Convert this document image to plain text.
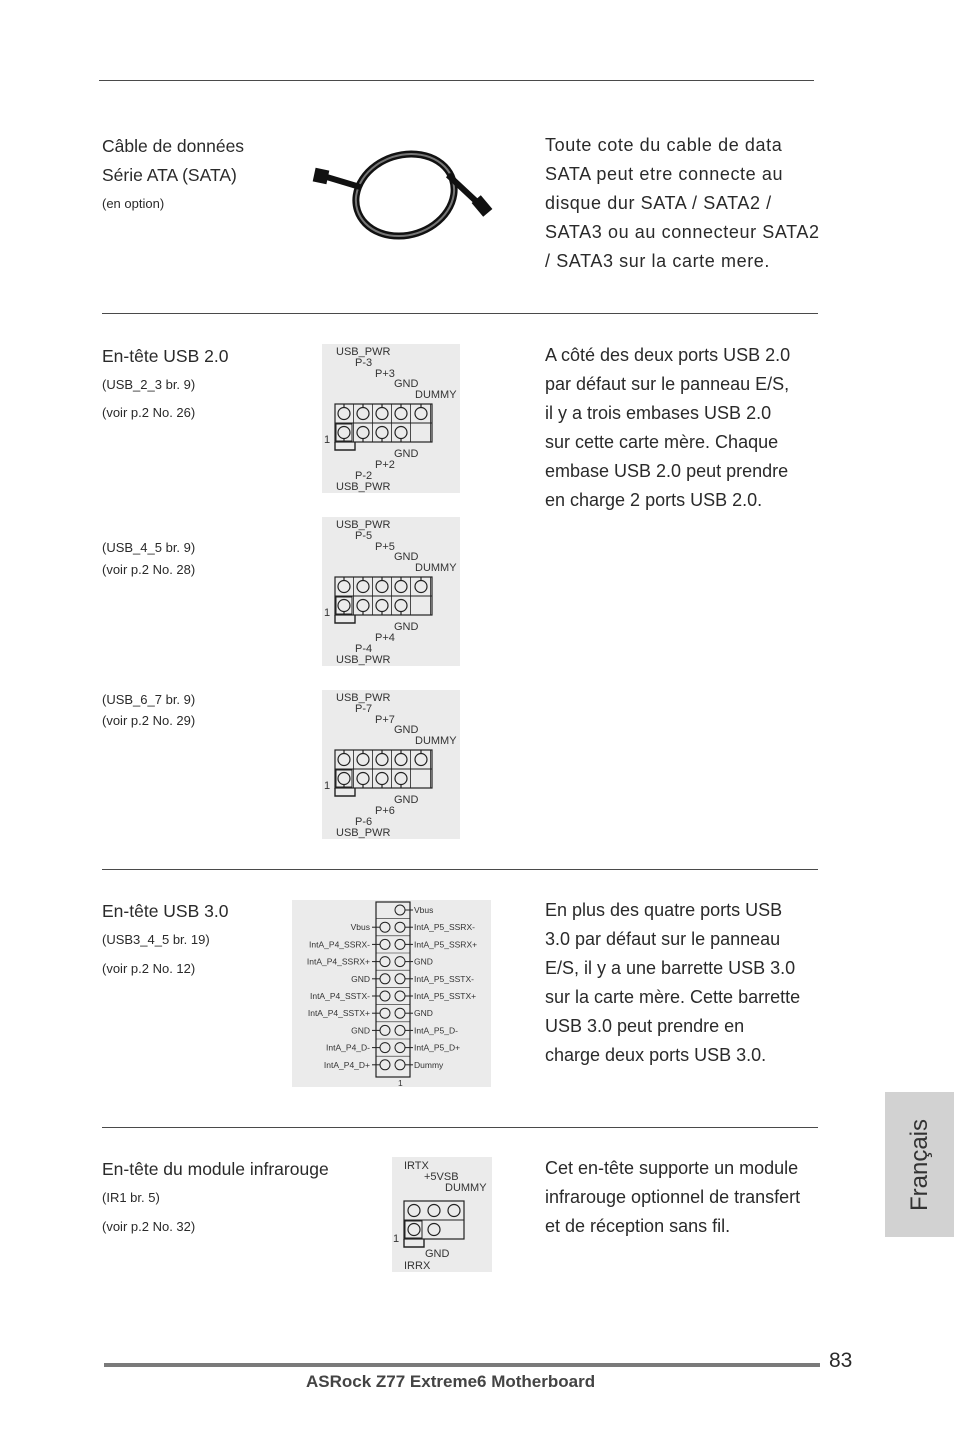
Câble de données
Série ATA (SATA)
(en option)
Toute cote du cable de data
SATA peut etre connecte au
disque dur SATA / SATA2 /
SATA3 ou au connecteur SATA2
/ SATA3 sur la carte mere.
En-tête USB 2.0
(USB_2_3 br. 9)
(voir p.2 No. 26)
(USB_4_5 br. 9)
(voir p.2 No. 28)
(USB_6_7 br. 9)
(voir p.2 No. 29)
A côté des deux ports USB 2.0
par défaut sur le panneau E/S,
il y a trois embases USB 2.0
sur cette carte mère. Chaque
embase USB 2.0 peut prendre
en charge 2 ports USB 2.0.
USB_PWR
P-3
P+3
GND
DUMMY
1
GND
P+2
P-2
USB_PWR
USB_PWR
P-5
P+5
GND
DUMMY
1
GND
P+4
P-4
USB_PWR
USB_PWR
P-7
P+7
GND
DUMMY
1
GND
P+6
P-6
USB_PWR
En-tête USB 3.0
(USB3_4_5 br. 19)
(voir p.2 No. 12)
Vbus
IntA_P5_SSRX-
Vbus
IntA_P5_SSRX+
IntA_P4_SSRX-
GND
IntA_P4_SSRX+
IntA_P5_SSTX-
GND
IntA_P5_SSTX+
IntA_P4_SSTX-
GND
IntA_P4_SSTX+
IntA_P5_D-
GND
IntA_P5_D+
IntA_P4_D-
Dummy
IntA_P4_D+
1
En plus des quatre ports USB
3.0 par défaut sur le panneau
E/S, il y a une barrette USB 3.0
sur la carte mère. Cette barrette
USB 3.0 peut prendre en
charge deux ports USB 3.0.
En-tête du module infrarouge
(IR1 br. 5)
(voir p.2 No. 32)
IRTX
+5VSB
DUMMY
1
GND
IRRX
Cet en-tête supporte un module
infrarouge optionnel de transfert
et de réception sans fil.
Français
83
ASRock Z77 Extreme6 Motherboard
